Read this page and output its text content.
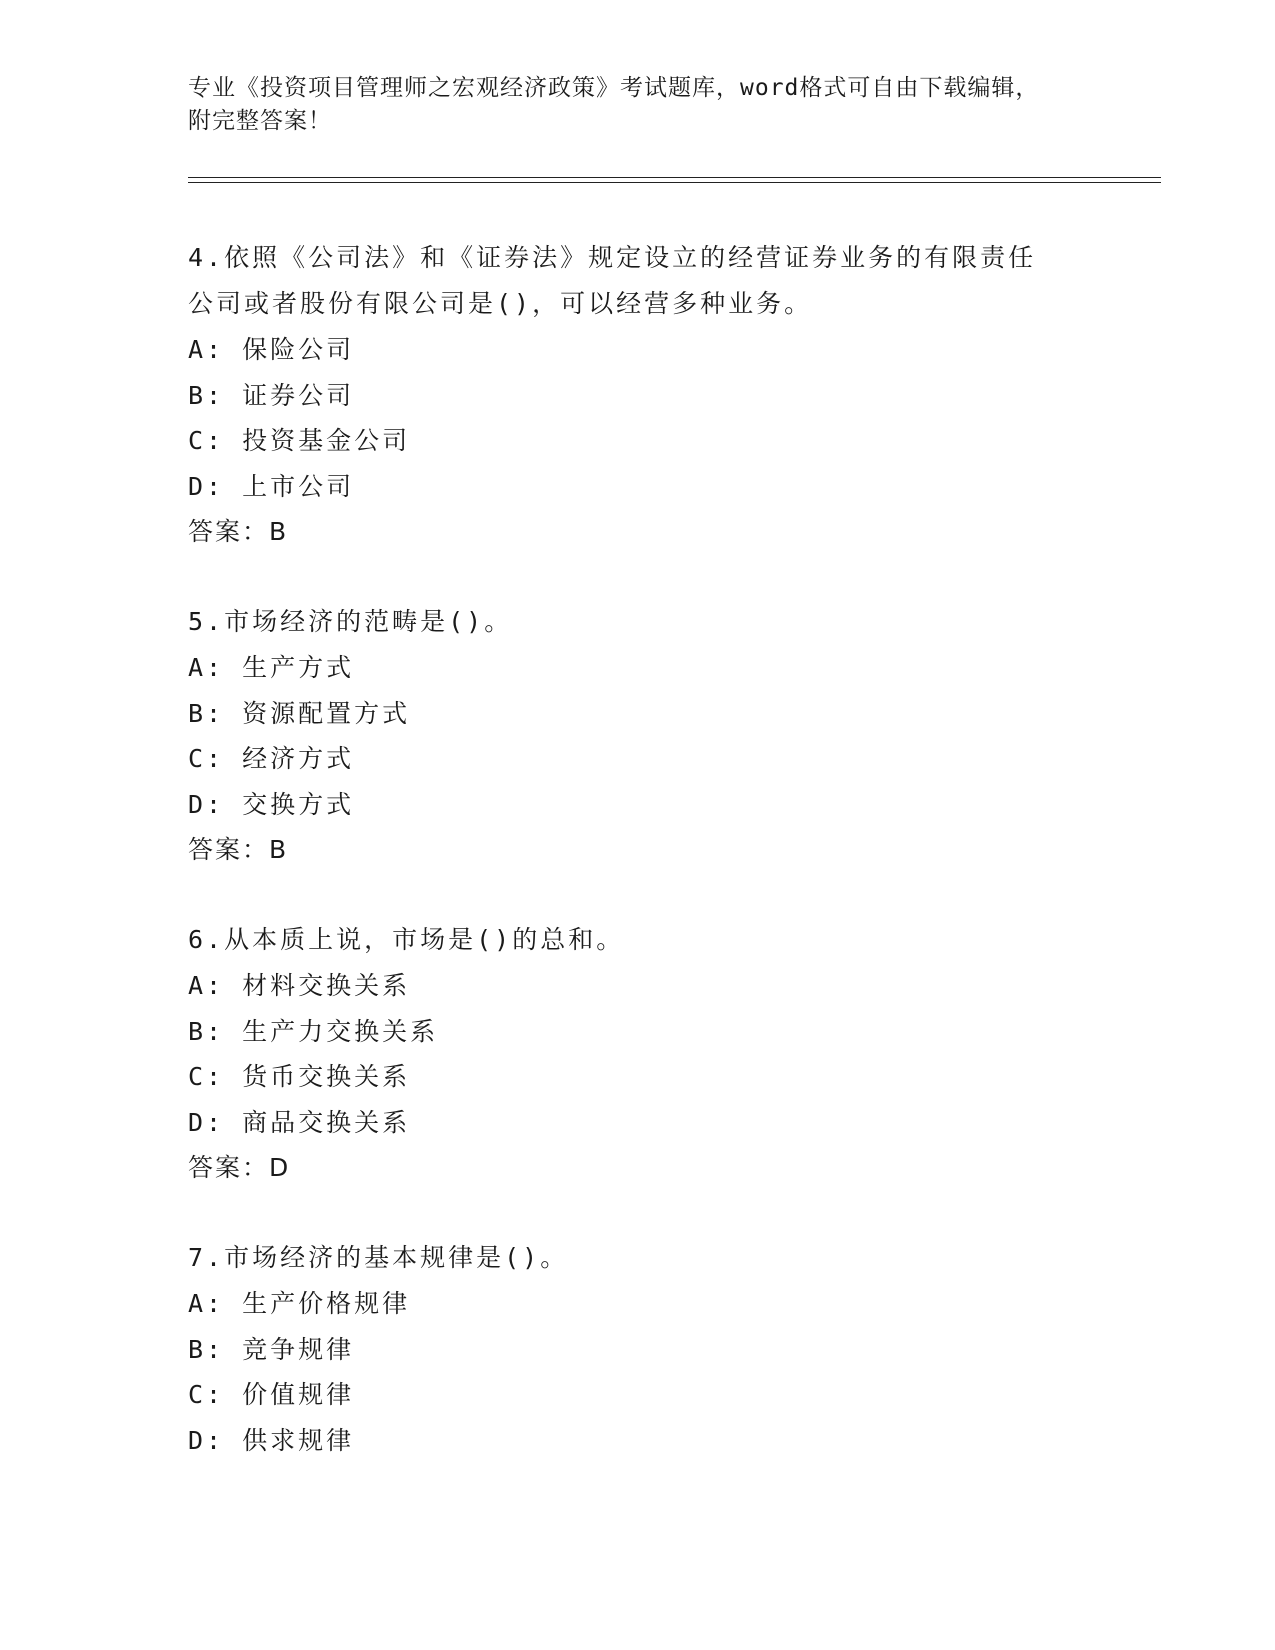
专业《投资项目管理师之宏观经济政策》考试题库，word格式可自由下载编辑，
附完整答案！

4.依照《公司法》和《证券法》规定设立的经营证券业务的有限责任

公司或者股份有限公司是()，可以经营多种业务。

A: 保险公司

B: 证券公司

C: 投资基金公司

D: 上市公司

答案：B

5.市场经济的范畴是()。

A: 生产方式

B: 资源配置方式

C: 经济方式

D: 交换方式

答案：B

6.从本质上说，市场是()的总和。

A: 材料交换关系

B: 生产力交换关系

C: 货币交换关系

D: 商品交换关系

答案：D

7.市场经济的基本规律是()。

A: 生产价格规律

B: 竞争规律

C: 价值规律

D: 供求规律
